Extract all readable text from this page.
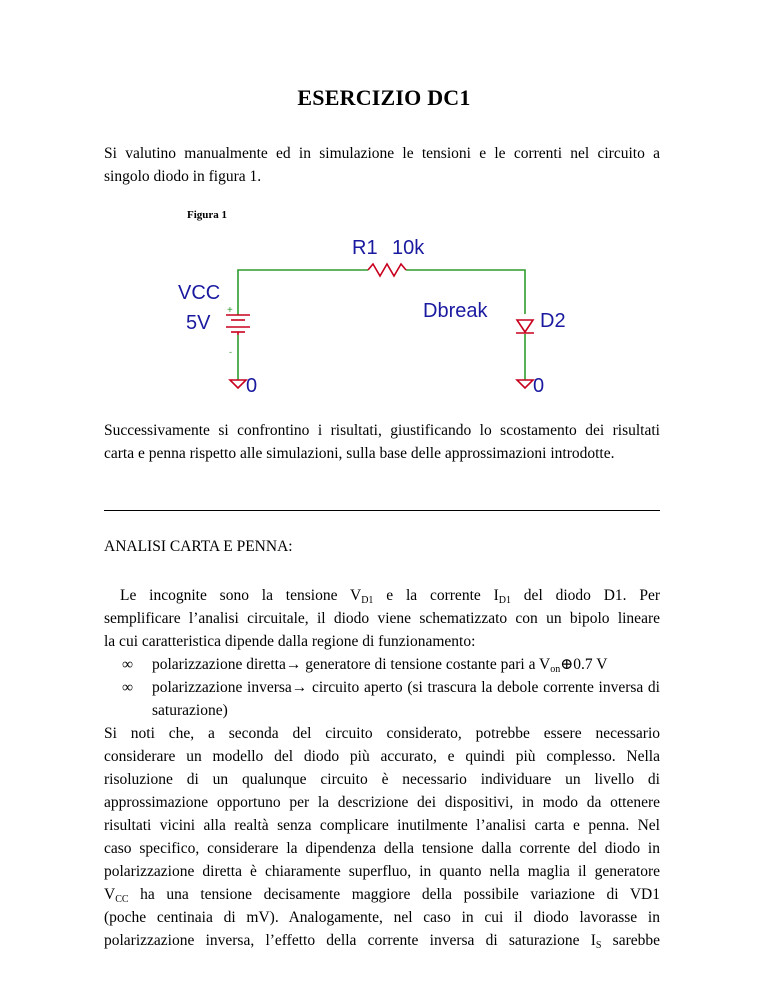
ESERCIZIO DC1
Si valutino manualmente ed in simulazione le tensioni e le correnti nel circuito a
singolo diodo in figura 1.
Figura 1
+
-
R1 10k
VCC
5V
Dbreak	D2
0	0
Successivamente si confrontino i risultati, giustificando lo scostamento dei risultati
carta e penna rispetto alle simulazioni, sulla base delle approssimazioni introdotte.
ANALISI CARTA E PENNA:
Le incognite sono la tensione $V_{D1}$ e la corrente $I_{D1}$ del diodo D1. Per
semplificare l’analisi circuitale, il diodo viene schematizzato con un bipolo lineare
la cui caratteristica dipende dalla regione di funzionamento:
∞ polarizzazione diretta→ generatore di tensione costante pari a $V_{on}\oplus 0.7$ V
∞ polarizzazione inversa→ circuito aperto (si trascura la debole corrente inversa di saturazione)
Si noti che, a seconda del circuito considerato, potrebbe essere necessario
considerare un modello del diodo più accurato, e quindi più complesso. Nella
risoluzione di un qualunque circuito è necessario individuare un livello di
approssimazione opportuno per la descrizione dei dispositivi, in modo da ottenere
risultati vicini alla realtà senza complicare inutilmente l’analisi carta e penna. Nel
caso specifico, considerare la dipendenza della tensione dalla corrente del diodo in
polarizzazione diretta è chiaramente superfluo, in quanto nella maglia il generatore
$V_{CC}$ ha una tensione decisamente maggiore della possibile variazione di VD1
(poche centinaia di mV). Analogamente, nel caso in cui il diodo lavorasse in
polarizzazione inversa, l’effetto della corrente inversa di saturazione $I_S$ sarebbe
